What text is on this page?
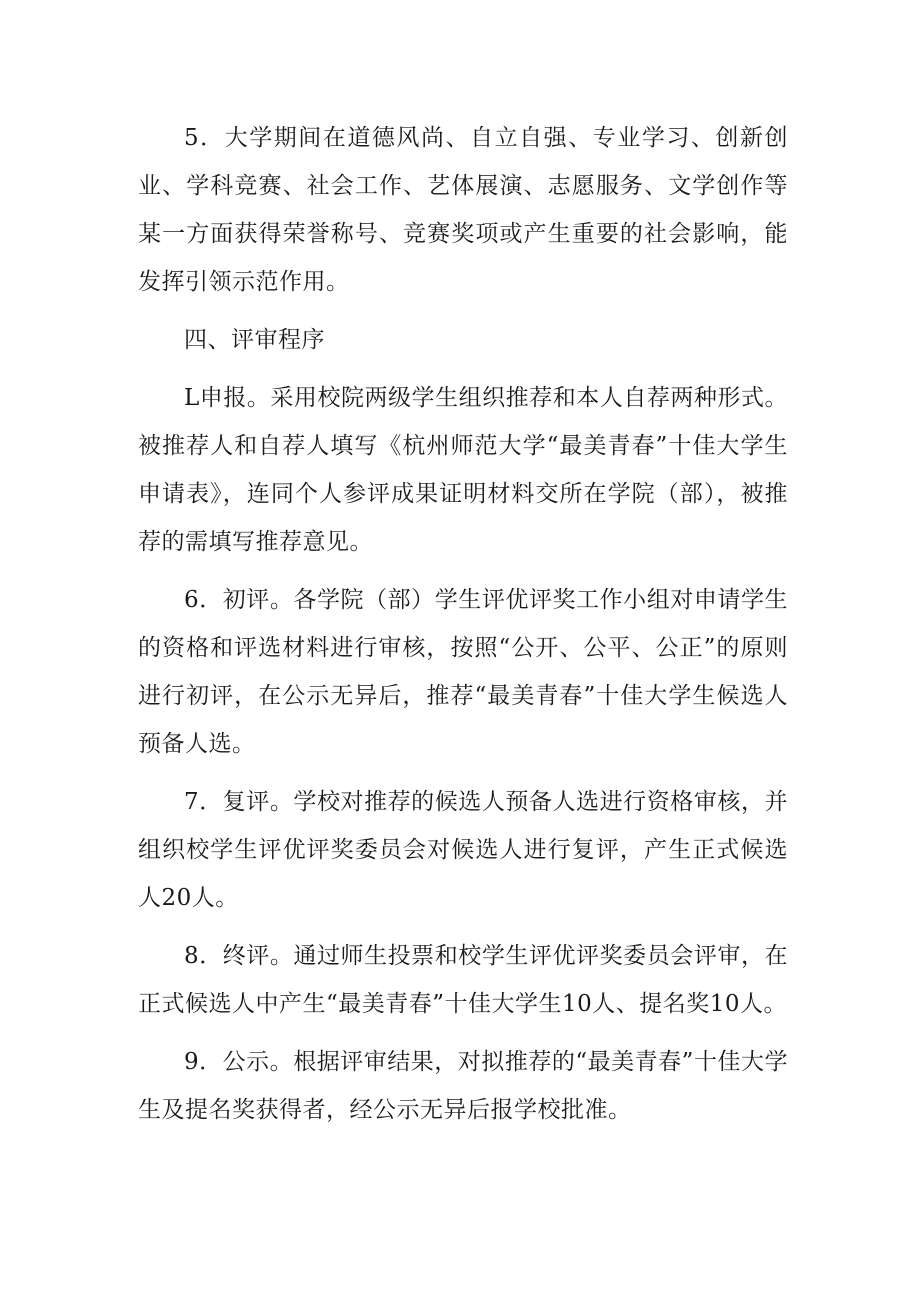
5．大学期间在道德风尚、自立自强、专业学习、创新创业、学科竞赛、社会工作、艺体展演、志愿服务、文学创作等某一方面获得荣誉称号、竞赛奖项或产生重要的社会影响，能发挥引领示范作用。

四、评审程序

L申报。采用校院两级学生组织推荐和本人自荐两种形式。被推荐人和自荐人填写《杭州师范大学“最美青春”十佳大学生申请表》，连同个人参评成果证明材料交所在学院（部），被推荐的需填写推荐意见。

6．初评。各学院（部）学生评优评奖工作小组对申请学生的资格和评选材料进行审核，按照“公开、公平、公正”的原则进行初评，在公示无异后，推荐“最美青春”十佳大学生候选人预备人选。

7．复评。学校对推荐的候选人预备人选进行资格审核，并组织校学生评优评奖委员会对候选人进行复评，产生正式候选人20人。

8．终评。通过师生投票和校学生评优评奖委员会评审，在正式候选人中产生“最美青春”十佳大学生10人、提名奖10人。

9．公示。根据评审结果，对拟推荐的“最美青春”十佳大学生及提名奖获得者，经公示无异后报学校批准。
